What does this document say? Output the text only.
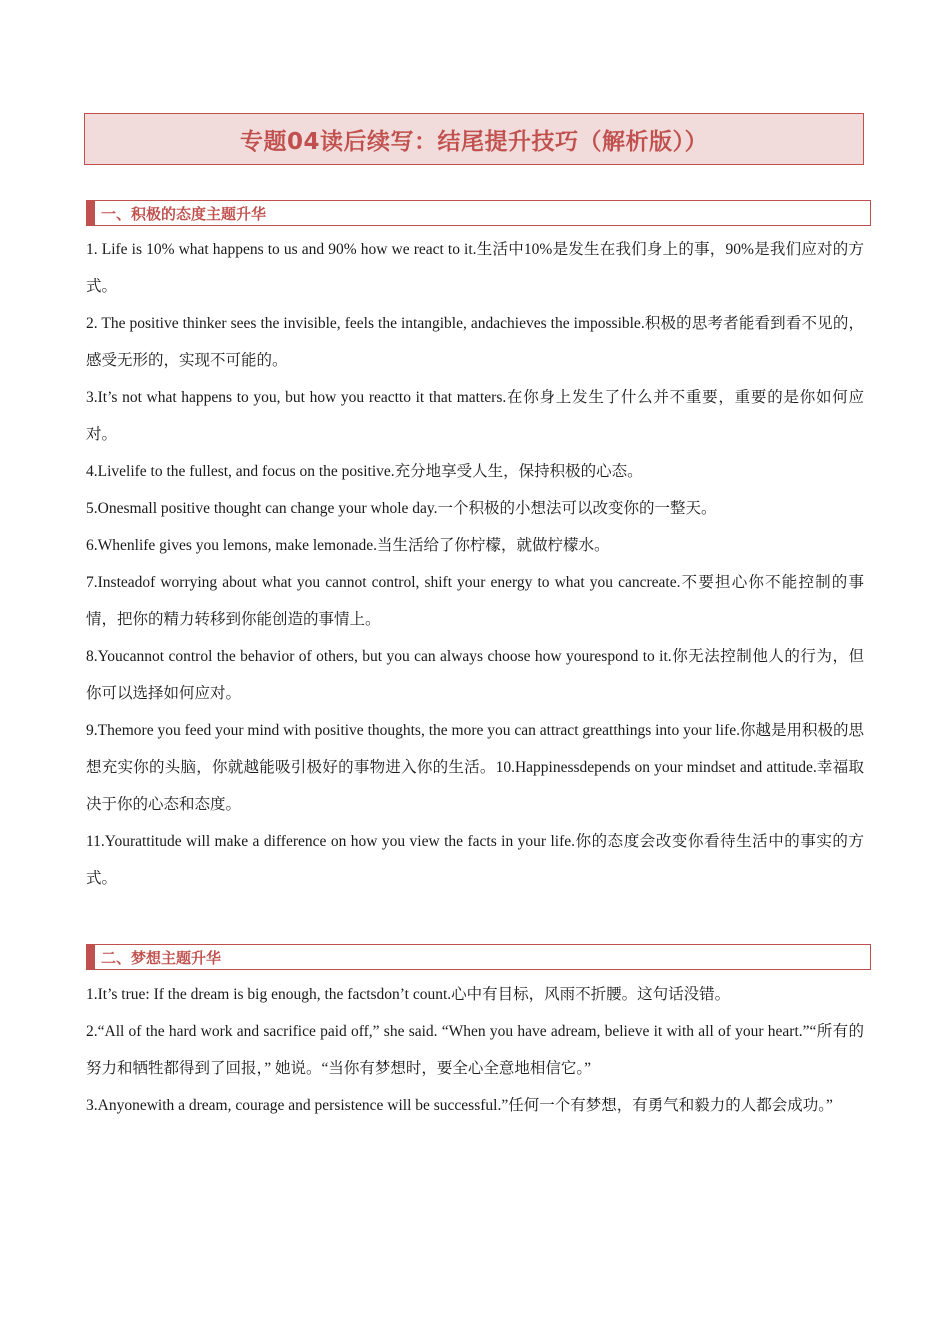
专题04读后续写：结尾提升技巧（解析版））
一、积极的态度主题升华

1. Life is 10% what happens to us and 90% how we react to it.生活中10%是发生在我们身上的事，90%是我们应对的方式。

2. The positive thinker sees the invisible, feels the intangible, andachieves the impossible.积极的思考者能看到看不见的，感受无形的，实现不可能的。

3.It’s not what happens to you, but how you reactto it that matters.在你身上发生了什么并不重要，重要的是你如何应对。

4.Livelife to the fullest, and focus on the positive.充分地享受人生，保持积极的心态。

5.Onesmall positive thought can change your whole day.一个积极的小想法可以改变你的一整天。

6.Whenlife gives you lemons, make lemonade.当生活给了你柠檬，就做柠檬水。

7.Insteadof worrying about what you cannot control, shift your energy to what you cancreate.不要担心你不能控制的事情，把你的精力转移到你能创造的事情上。

8.Youcannot control the behavior of others, but you can always choose how yourespond to it.你无法控制他人的行为，但你可以选择如何应对。

9.Themore you feed your mind with positive thoughts, the more you can attract greatthings into your life.你越是用积极的思想充实你的头脑，你就越能吸引极好的事物进入你的生活。10.Happinessdepends on your mindset and attitude.幸福取决于你的心态和态度。

11.Yourattitude will make a difference on how you view the facts in your life.你的态度会改变你看待生活中的事实的方式。

二、梦想主题升华

1.It’s true: If the dream is big enough, the factsdon’t count.心中有目标，风雨不折腰。这句话没错。

2.“All of the hard work and sacrifice paid off,” she said. “When you have adream, believe it with all of your heart.”“所有的努力和牺牲都得到了回报，” 她说。“当你有梦想时，要全心全意地相信它。”

3.Anyonewith a dream, courage and persistence will be successful.”任何一个有梦想，有勇气和毅力的人都会成功。”
